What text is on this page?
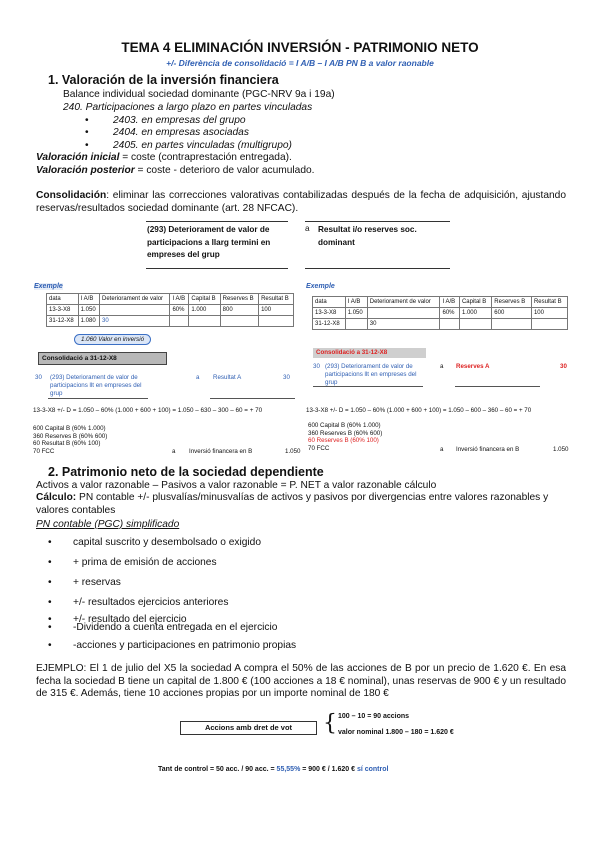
TEMA 4 ELIMINACIÓN INVERSIÓN - PATRIMONIO NETO
+/- Diferència de consolidació = I A/B – I A/B PN B a valor raonable
1. Valoración de la inversión financiera
Balance individual sociedad dominante (PGC-NRV 9a i 19a)
240. Participaciones a largo plazo en partes vinculadas
• 2403. en empresas del grupo
• 2404. en empresas asociadas
• 2405. en partes vinculadas (multigrupo)
Valoración inicial = coste (contraprestación entregada).
Valoración posterior = coste - deterioro de valor acumulado.
Consolidación: eliminar las correcciones valorativas contabilizadas después de la fecha de adquisición, ajustando reservas/resultados sociedad dominante (art. 28 NFCAC).
(293) Deteriorament de valor de participacions a llarg termini en empreses del grup
a Resultat i/o reserves soc. dominant
Exemple
data	I A/B	Deteriorament de valor	I A/B	Capital B	Reserves B	Resultat B
13-3-X8	1.050		60%	1.000	800	100
31-12-X8	1.080	30				
1.060 Valor en inversió
Consolidació a 31-12-X8
30 (293) Deteriorament de valor de participacions llt en empreses del grup
a Resultat A	30
13-3-X8 +/- D = 1.050 – 60% (1.000 + 600 + 100) = 1.050 – 630 – 300 – 60 = + 70
600 Capital B (60% 1.000)
360 Reserves B (60% 600)
60 Resultat B (60% 100)
70 FCC	a Inversió financera en B	1.050
Exemple
data	I A/B	Deteriorament de valor	I A/B	Capital B	Reserves B	Resultat B
13-3-X8	1.050		60%	1.000	600	100
31-12-X8		30				
Consolidació a 31-12-X8
30 (293) Deteriorament de valor de participacions llt en empreses del grup
a Reserves A	30
13-3-X8 +/- D = 1.050 – 60% (1.000 + 600 + 100) = 1.050 – 600 – 360 – 60 = + 70
600 Capital B (60% 1.000)
360 Reserves B (60% 600)
60 Reserves B (60% 100)
70 FCC	a Inversió financera en B	1.050
2. Patrimonio neto de la sociedad dependiente
Activos a valor razonable – Pasivos a valor razonable = P. NET a valor razonable cálculo
Cálculo: PN contable +/- plusvalías/minusvalías de activos y pasivos por divergencias entre valores razonables y valores contables
PN contable (PGC) simplificado
• capital suscrito y desembolsado o exigido
• + prima de emisión de acciones
• + reservas
• +/- resultados ejercicios anteriores
• +/- resultado del ejercicio
• -Dividendo a cuenta entregada en el ejercicio
• -acciones y participaciones en patrimonio propias
EJEMPLO: El 1 de julio del X5 la sociedad A compra el 50% de las acciones de B por un precio de 1.620 €. En esa fecha la sociedad B tiene un capital de 1.800 € (100 acciones a 18 € nominal), unas reservas de 900 € y un resultado de 315 €. Además, tiene 10 acciones propias por un importe nominal de 180 €
Accions amb dret de vot	{ 100 – 10 = 90 accions
valor nominal 1.800 – 180 = 1.620 €
Tant de control = 50 acc. / 90 acc. = 55,55% = 900 € / 1.620 € sí control
